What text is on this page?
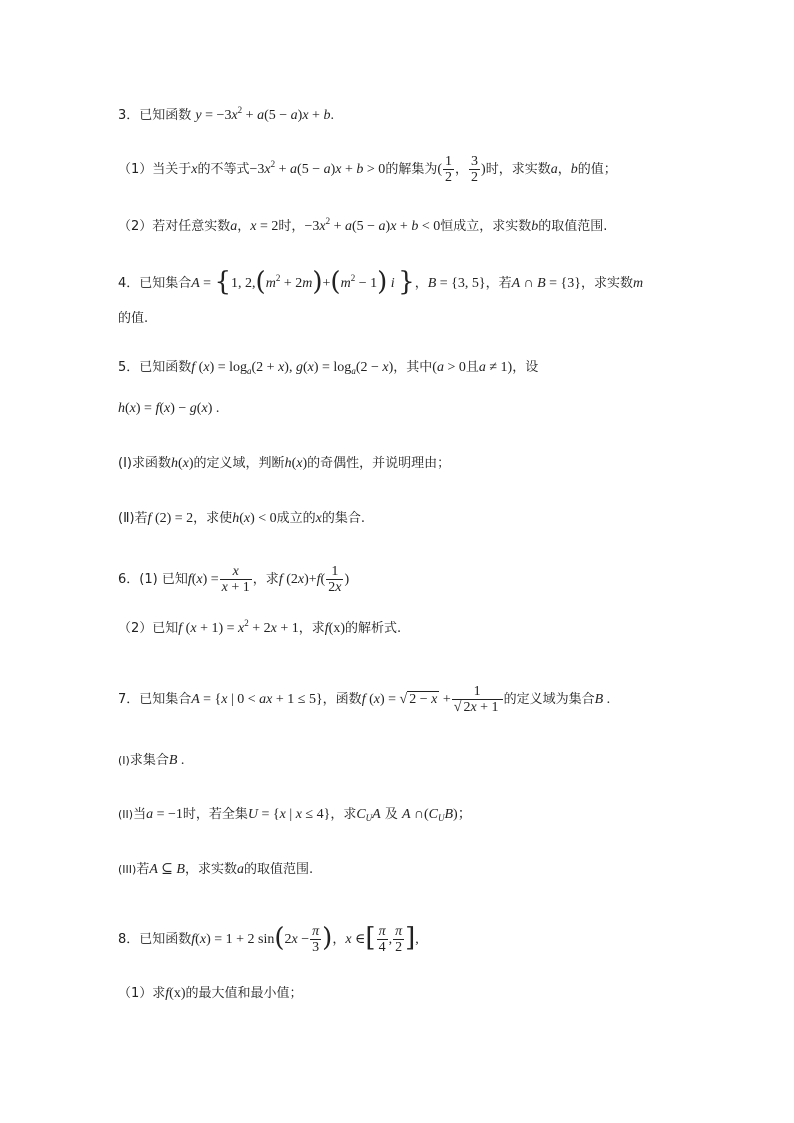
3．已知函数 $y = -3x^2 + a(5 - a)x + b$.
（1）当关于x的不等式$-3x^2 + a(5 - a)x + b > 0$的解集为( $\frac{1}{2}$ ， $\frac{3}{2}$ )时，求实数a，b的值；
（2）若对任意实数a，x = 2时，$-3x^2 + a(5 - a)x + b < 0$恒成立，求实数b的取值范围.
4．已知集合A = {1, $2,(m^2 + 2m)+(m^2 - 1)$ i }，B = {3, 5}，若A ∩ B = {3}，求实数m
的值.
5．已知函数f $(x) = \log_a(2 + x)$, $g(x) = \log_a(2 - x)$，其中(a > 0且a ≠ 1)，设
h(x) = f(x) − g(x) .
(Ⅰ)求函数h(x)的定义域，判断h(x)的奇偶性，并说明理由；
(Ⅱ)若f (2) = 2，求使h(x) < 0成立的x的集合.
6．(1) 已知$f(x) = \frac{x}{x + 1}$ ，求f $(2x)+f( \frac{1}{2x}$ )
（2）已知f $(x + 1) = x^2 + 2x + 1$，求f(x)的解析式.
7．已知集合A = {x | 0 < ax + 1 ≤ 5}，函数f (x) = √ $2 - x + \frac{1}{√ 2x + 1}$ 的定义域为集合B .
(I)求集合B .
(II)当a = −1时，若全集U = {x | x ≤ 4}，求$C_UA$ 及 A $\cap(C_UB)$；
(III)若A ⊆ B，求实数a的取值范围.
8．已知函数f(x) = 1 + 2 $\sin(2x - \frac{\pi}{3}$ )，x ∈[ $\frac{\pi}{4}$ , $\frac{\pi}{2}$ ],
（1）求f(x)的最大值和最小值；
